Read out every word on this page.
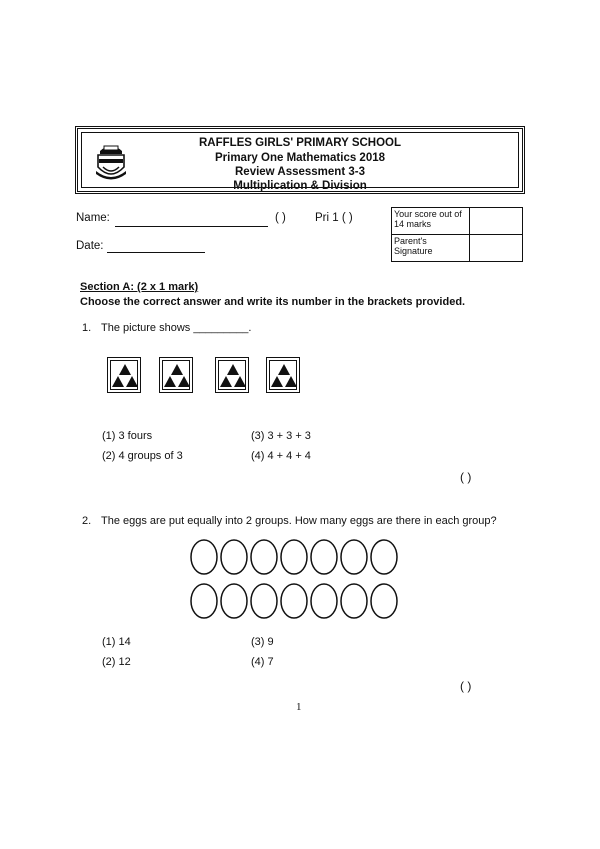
RAFFLES GIRLS' PRIMARY SCHOOL
Primary One Mathematics 2018
Review Assessment 3-3
Multiplication & Division
Name:	( )	Pri 1 ( )
Date:
Your score out of 14 marks	
Parent's Signature	
Section A: (2 x 1 mark)
Choose the correct answer and write its number in the brackets provided.
1. The picture shows _________.
(1) 3 fours
(2) 4 groups of 3
(3) 3 + 3 + 3
(4) 4 + 4 + 4
( )
2. The eggs are put equally into 2 groups. How many eggs are there in each group?
(1) 14
(2) 12
(3) 9
(4) 7
( )
1
